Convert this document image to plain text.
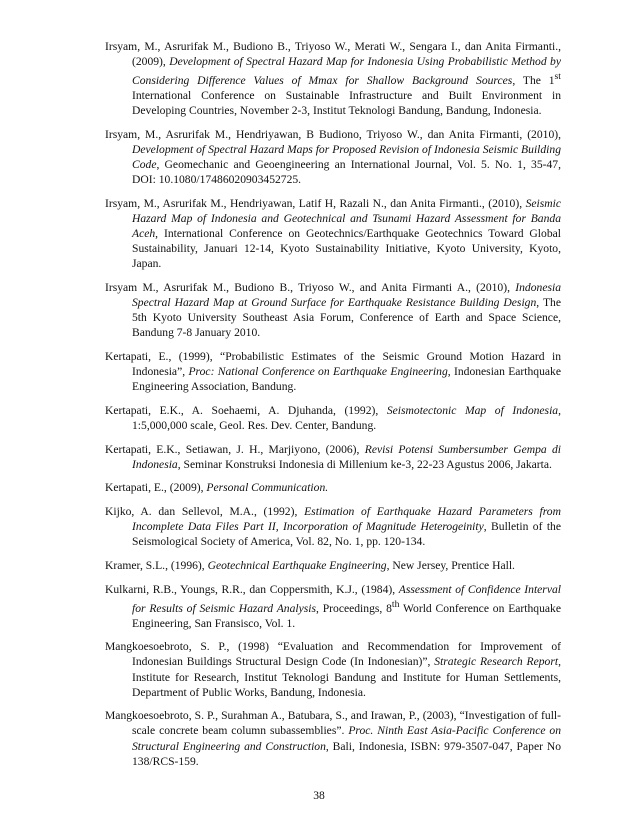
Irsyam, M., Asrurifak M., Budiono B., Triyoso W., Merati W., Sengara I., dan Anita Firmanti., (2009), Development of Spectral Hazard Map for Indonesia Using Probabilistic Method by Considering Difference Values of Mmax for Shallow Background Sources, The 1st International Conference on Sustainable Infrastructure and Built Environment in Developing Countries, November 2-3, Institut Teknologi Bandung, Bandung, Indonesia.

Irsyam, M., Asrurifak M., Hendriyawan, B Budiono, Triyoso W., dan Anita Firmanti, (2010), Development of Spectral Hazard Maps for Proposed Revision of Indonesia Seismic Building Code, Geomechanic and Geoengineering an International Journal, Vol. 5. No. 1, 35-47, DOI: 10.1080/17486020903452725.

Irsyam, M., Asrurifak M., Hendriyawan, Latif H, Razali N., dan Anita Firmanti., (2010), Seismic Hazard Map of Indonesia and Geotechnical and Tsunami Hazard Assessment for Banda Aceh, International Conference on Geotechnics/Earthquake Geotechnics Toward Global Sustainability, Januari 12-14, Kyoto Sustainability Initiative, Kyoto University, Kyoto, Japan.

Irsyam M., Asrurifak M., Budiono B., Triyoso W., and Anita Firmanti A., (2010), Indonesia Spectral Hazard Map at Ground Surface for Earthquake Resistance Building Design, The 5th Kyoto University Southeast Asia Forum, Conference of Earth and Space Science, Bandung 7-8 January 2010.

Kertapati, E., (1999), “Probabilistic Estimates of the Seismic Ground Motion Hazard in Indonesia”, Proc: National Conference on Earthquake Engineering, Indonesian Earthquake Engineering Association, Bandung.

Kertapati, E.K., A. Soehaemi, A. Djuhanda, (1992), Seismotectonic Map of Indonesia, 1:5,000,000 scale, Geol. Res. Dev. Center, Bandung.

Kertapati, E.K., Setiawan, J. H., Marjiyono, (2006), Revisi Potensi Sumbersumber Gempa di Indonesia, Seminar Konstruksi Indonesia di Millenium ke-3, 22-23 Agustus 2006, Jakarta.

Kertapati, E., (2009), Personal Communication.

Kijko, A. dan Sellevol, M.A., (1992), Estimation of Earthquake Hazard Parameters from Incomplete Data Files Part II, Incorporation of Magnitude Heterogeinity, Bulletin of the Seismological Society of America, Vol. 82, No. 1, pp. 120-134.

Kramer, S.L., (1996), Geotechnical Earthquake Engineering, New Jersey, Prentice Hall.

Kulkarni, R.B., Youngs, R.R., dan Coppersmith, K.J., (1984), Assessment of Confidence Interval for Results of Seismic Hazard Analysis, Proceedings, 8th World Conference on Earthquake Engineering, San Fransisco, Vol. 1.

Mangkoesoebroto, S. P., (1998) “Evaluation and Recommendation for Improvement of Indonesian Buildings Structural Design Code (In Indonesian)”, Strategic Research Report, Institute for Research, Institut Teknologi Bandung and Institute for Human Settlements, Department of Public Works, Bandung, Indonesia.

Mangkoesoebroto, S. P., Surahman A., Batubara, S., and Irawan, P., (2003), “Investigation of full-scale concrete beam column subassemblies”. Proc. Ninth East Asia-Pacific Conference on Structural Engineering and Construction, Bali, Indonesia, ISBN: 979-3507-047, Paper No 138/RCS-159.

38
